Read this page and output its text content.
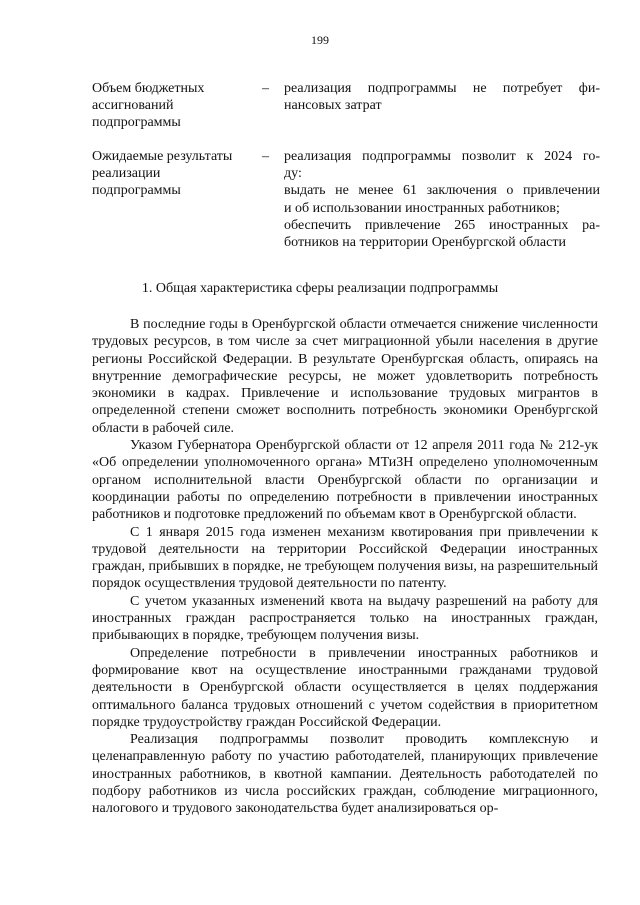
199
Объем бюджетных
ассигнований
подпрограммы
– реализация подпрограммы не потребует фи-
нансовых затрат
Ожидаемые результаты
реализации
подпрограммы
– реализация подпрограммы позволит к 2024 го-
ду:
выдать не менее 61 заключения о привлечении
и об использовании иностранных работников;
обеспечить привлечение 265 иностранных ра-
ботников на территории Оренбургской области
1. Общая характеристика сферы реализации подпрограммы

В последние годы в Оренбургской области отмечается снижение численности трудовых ресурсов, в том числе за счет миграционной убыли населения в другие регионы Российской Федерации. В результате Оренбургская область, опираясь на внутренние демографические ресурсы, не может удовлетворить потребность экономики в кадрах. Привлечение и использование трудовых мигрантов в определенной степени сможет восполнить потребность экономики Оренбургской области в рабочей силе.

Указом Губернатора Оренбургской области от 12 апреля 2011 года № 212-ук «Об определении уполномоченного органа» МТиЗН определено уполномоченным органом исполнительной власти Оренбургской области по организации и координации работы по определению потребности в привлечении иностранных работников и подготовке предложений по объемам квот в Оренбургской области.

С 1 января 2015 года изменен механизм квотирования при привлечении к трудовой деятельности на территории Российской Федерации иностранных граждан, прибывших в порядке, не требующем получения визы, на разрешительный порядок осуществления трудовой деятельности по патенту.

С учетом указанных изменений квота на выдачу разрешений на работу для иностранных граждан распространяется только на иностранных граждан, прибывающих в порядке, требующем получения визы.

Определение потребности в привлечении иностранных работников и формирование квот на осуществление иностранными гражданами трудовой деятельности в Оренбургской области осуществляется в целях поддержания оптимального баланса трудовых отношений с учетом содействия в приоритетном порядке трудоустройству граждан Российской Федерации.

Реализация подпрограммы позволит проводить комплексную и целенаправленную работу по участию работодателей, планирующих привлечение иностранных работников, в квотной кампании. Деятельность работодателей по подбору работников из числа российских граждан, соблюдение миграционного, налогового и трудового законодательства будет анализироваться ор-
